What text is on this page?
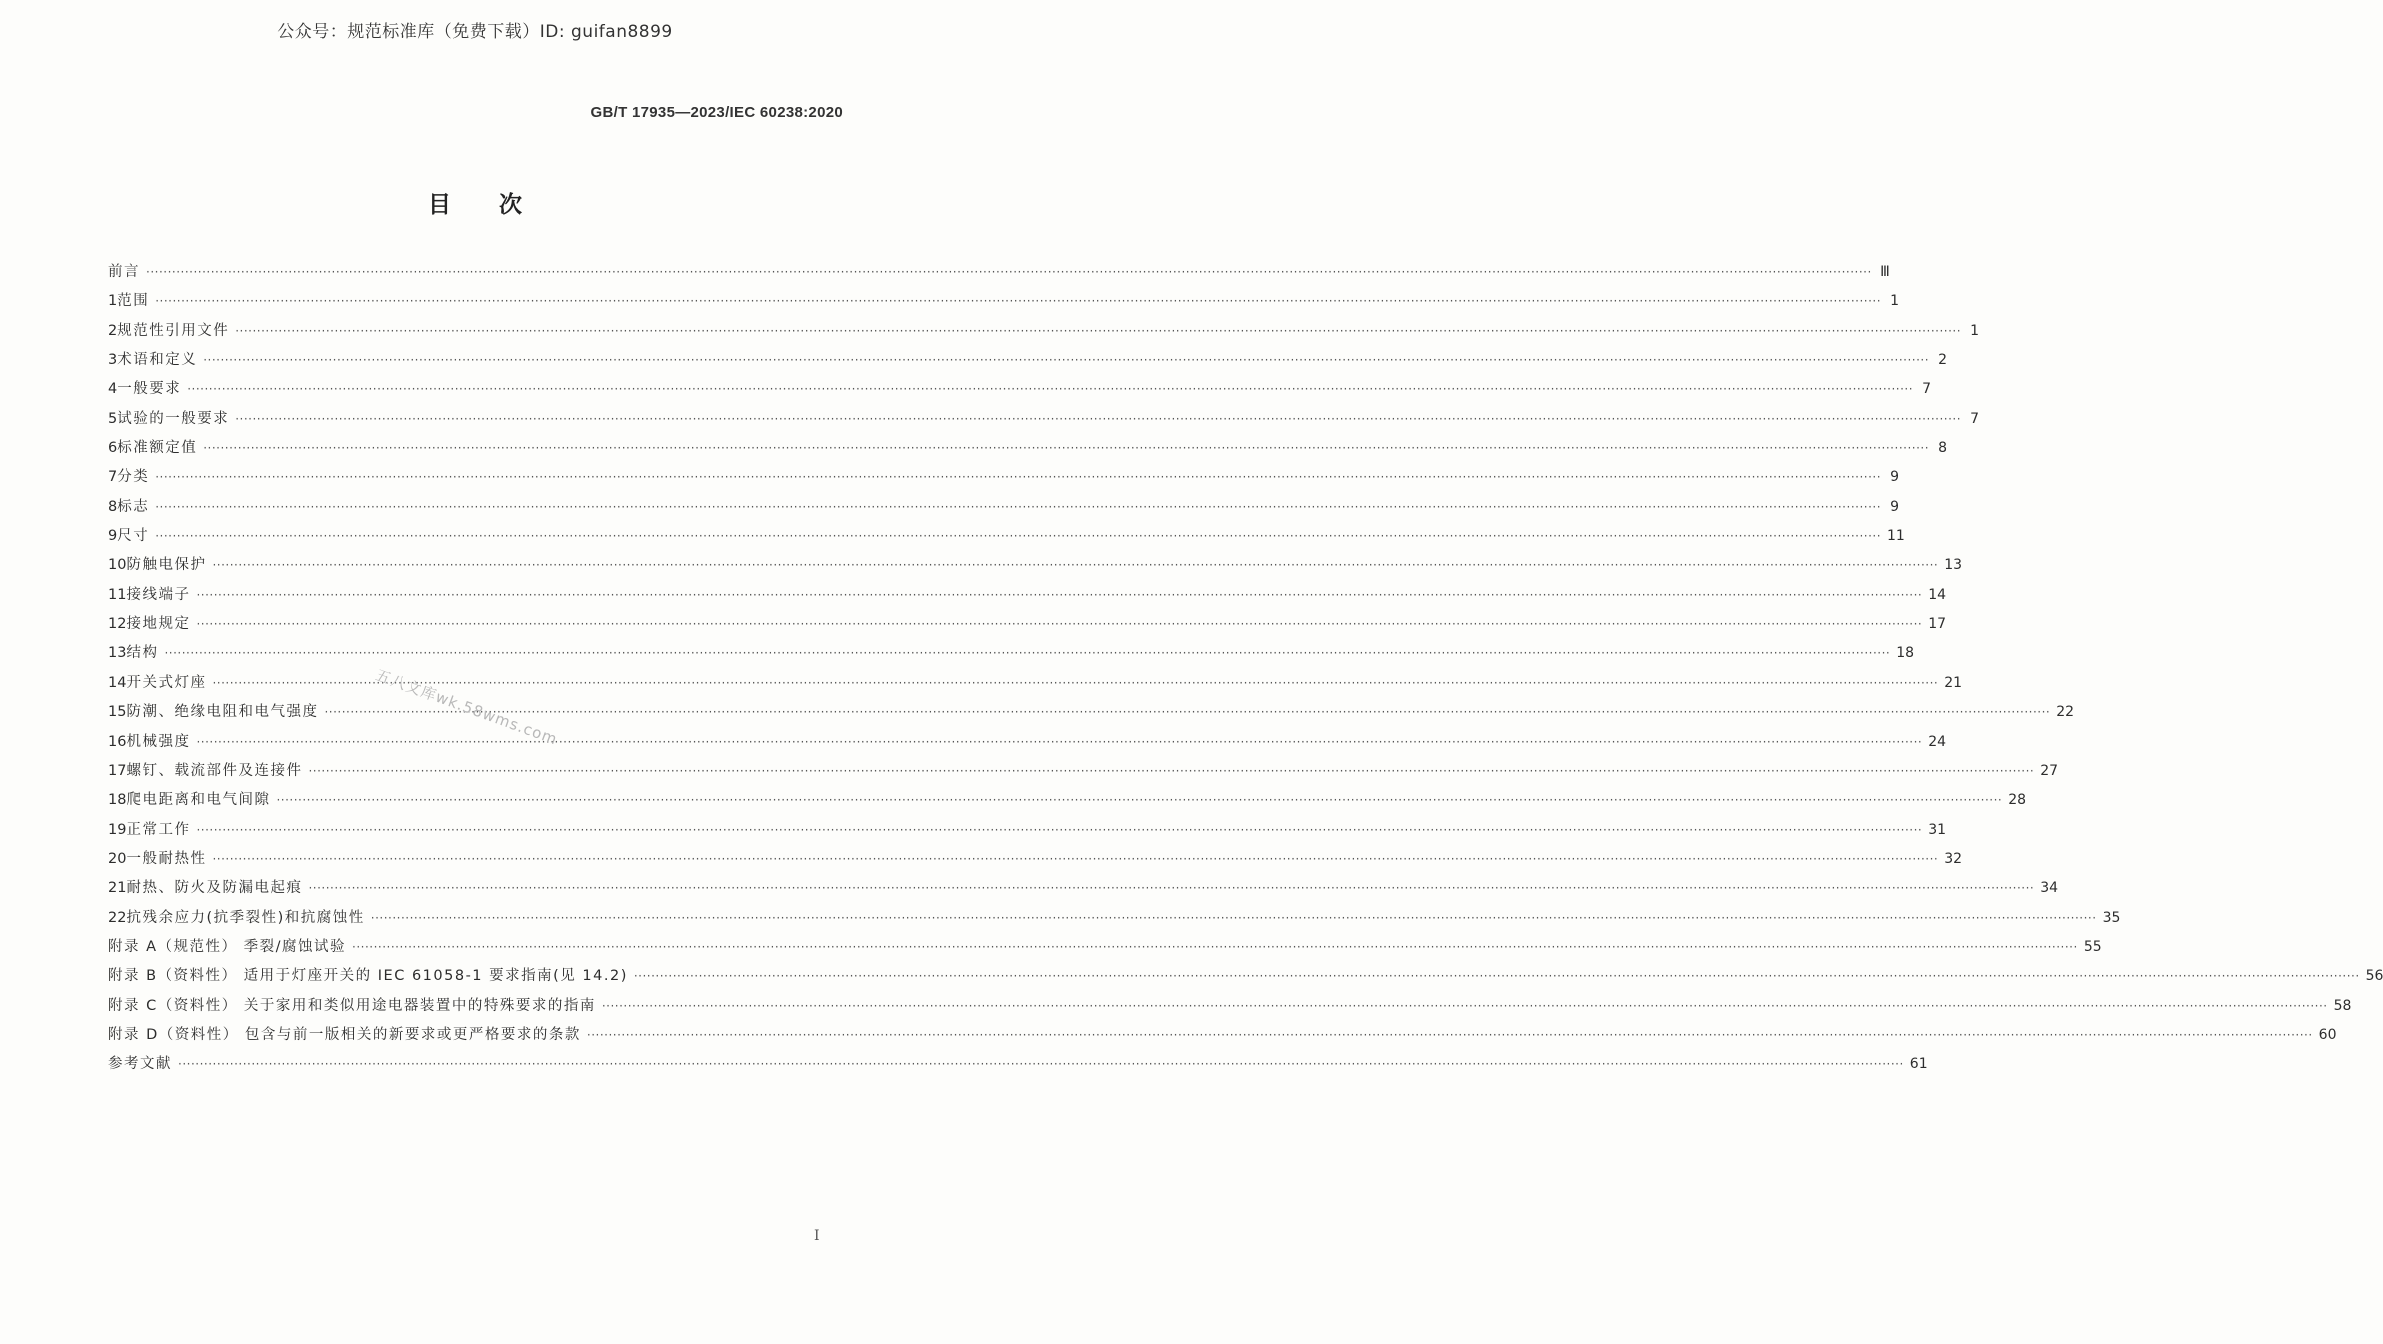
公众号：规范标准库（免费下载）ID: guifan8899
GB/T 17935—2023/IEC 60238:2020
目次
前言 ················································································································································································································································································································································································································ Ⅲ
1 范围 ················································································································································································································································································································································································································ 1
2 规范性引用文件 ················································································································································································································································································································································································································ 1
3 术语和定义 ················································································································································································································································································································································································································ 2
4 一般要求 ················································································································································································································································································································································································································ 7
5 试验的一般要求 ················································································································································································································································································································································································································ 7
6 标准额定值 ················································································································································································································································································································································································································ 8
7 分类 ················································································································································································································································································································································································································ 9
8 标志 ················································································································································································································································································································································································································ 9
9 尺寸 ················································································································································································································································································································································································································ 11
10 防触电保护 ················································································································································································································································································································································································································ 13
11 接线端子 ················································································································································································································································································································································································································ 14
12 接地规定 ················································································································································································································································································································································································································ 17
13 结构 ················································································································································································································································································································································································································ 18
14 开关式灯座 ················································································································································································································································································································································································································ 21
15 防潮、绝缘电阻和电气强度 ················································································································································································································································································································································································································ 22
16 机械强度 ················································································································································································································································································································································································································ 24
17 螺钉、载流部件及连接件 ················································································································································································································································································································································································································ 27
18 爬电距离和电气间隙 ················································································································································································································································································································································································································ 28
19 正常工作 ················································································································································································································································································································································································································ 31
20 一般耐热性 ················································································································································································································································································································································································································ 32
21 耐热、防火及防漏电起痕 ················································································································································································································································································································································································································ 34
22 抗残余应力(抗季裂性)和抗腐蚀性 ················································································································································································································································································································································································································ 35
附录 A（规范性） 季裂/腐蚀试验 ················································································································································································································································································································································································································ 55
附录 B（资料性） 适用于灯座开关的 IEC 61058-1 要求指南(见 14.2) ················································································································································································································································································································································································································ 56
附录 C（资料性） 关于家用和类似用途电器装置中的特殊要求的指南 ················································································································································································································································································································································································································ 58
附录 D（资料性） 包含与前一版相关的新要求或更严格要求的条款 ················································································································································································································································································································································································································ 60
参考文献 ················································································································································································································································································································································································································ 61
五八文库wk.58wms.com
I
